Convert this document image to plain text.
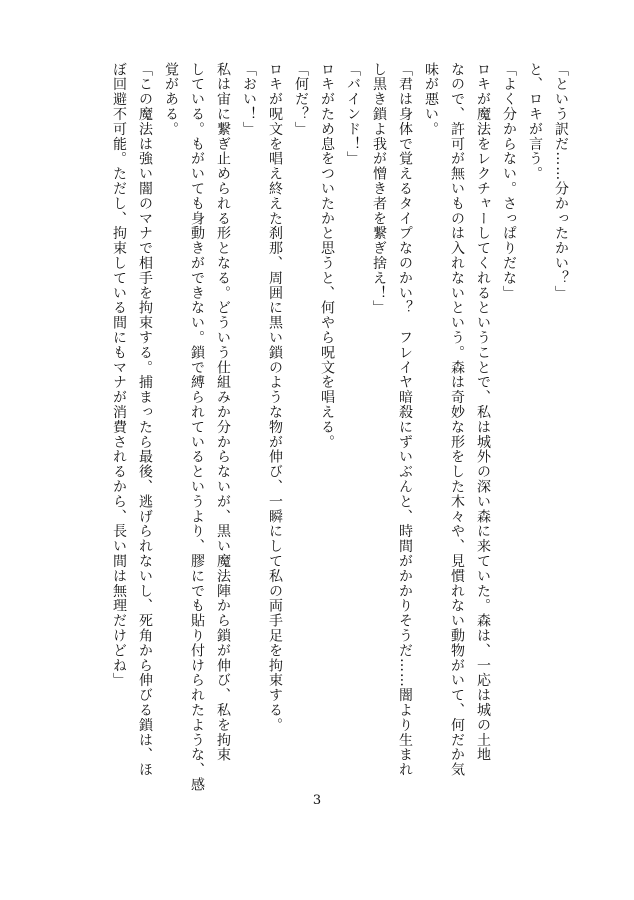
「という訳だ……分かったかい？」
と、ロキが言う。
「よく分からない。さっぱりだな」
ロキが魔法をレクチャーしてくれるということで、私は城外の深い森に来ていた。森は、一応は城の土地
なので、許可が無いものは入れないという。森は奇妙な形をした木々や、見慣れない動物がいて、何だか気
味が悪い。
「君は身体で覚えるタイプなのかい？　フレイヤ暗殺にずいぶんと、時間がかかりそうだ……闇より生まれ
し黒き鎖よ我が憎き者を繋ぎ捨え！」
「バインド！」
ロキがため息をついたかと思うと、何やら呪文を唱える。
「何だ？」
ロキが呪文を唱え終えた刹那、周囲に黒い鎖のような物が伸び、一瞬にして私の両手足を拘束する。
「おい！」
私は宙に繋ぎ止められる形となる。どういう仕組みか分からないが、黒い魔法陣から鎖が伸び、私を拘束
している。もがいても身動きができない。鎖で縛られているというより、膠にでも貼り付けられたような、感
覚がある。
「この魔法は強い闇のマナで相手を拘束する。捕まったら最後、逃げられないし、死角から伸びる鎖は、ほ
ぼ回避不可能。ただし、拘束している間にもマナが消費されるから、長い間は無理だけどね」
3
